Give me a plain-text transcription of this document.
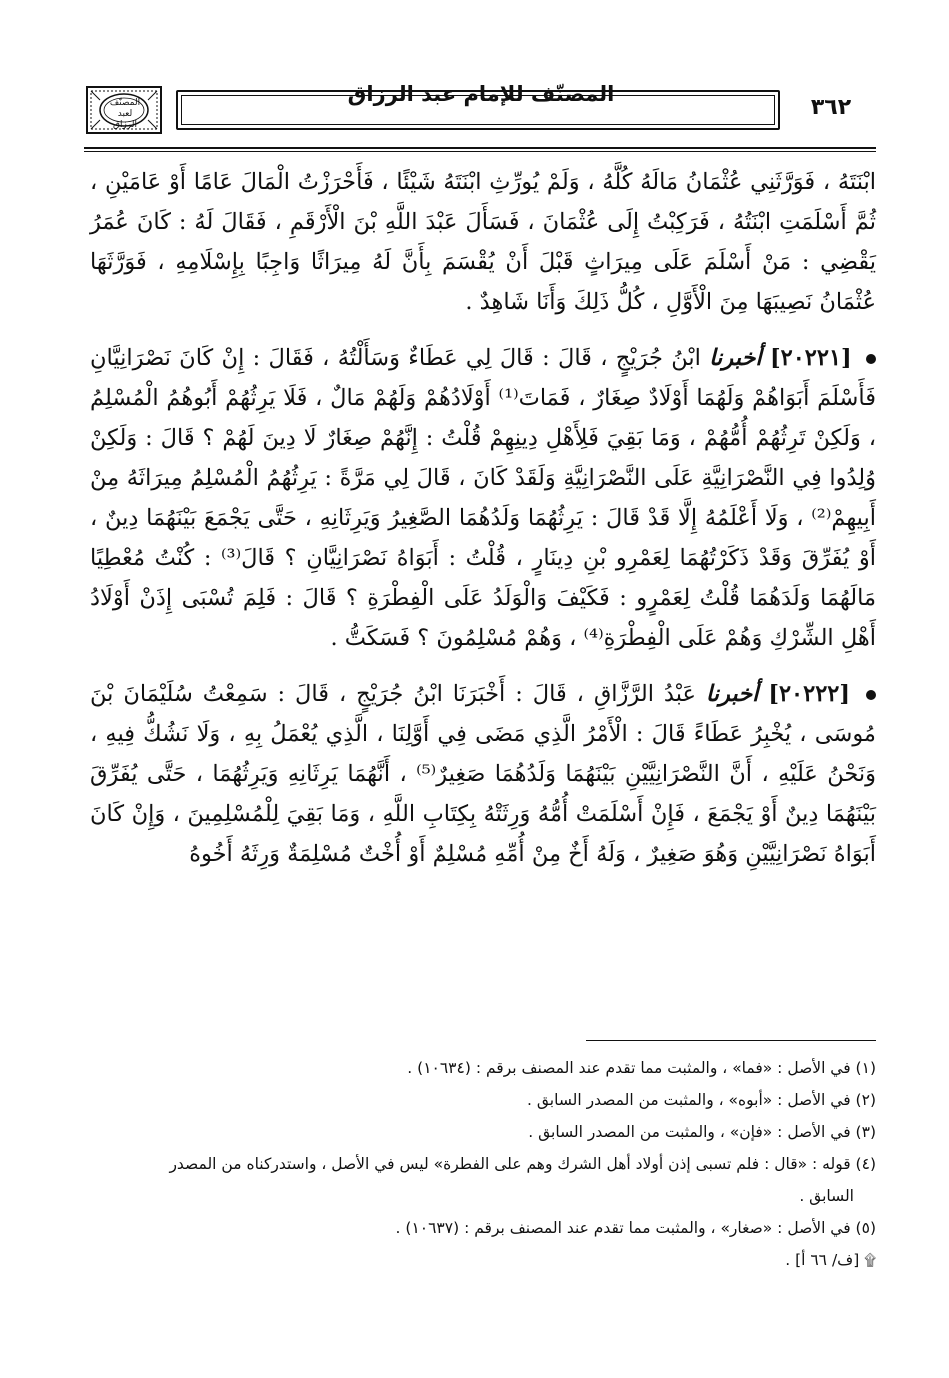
المصنّف لعبد الرزاق
المصنّف للإمام عبد الرزاق
٣٦٢

ابْنَتَهُ ، فَوَرَّثَنِي عُثْمَانُ مَالَهُ كُلَّهُ ، وَلَمْ يُورِّثِ ابْنَتَهُ شَيْئًا ، فَأَحْرَزْتُ الْمَالَ عَامًا أَوْ عَامَيْنِ ، ثُمَّ أَسْلَمَتِ ابْنَتُهُ ، فَرَكِبْتُ إِلَى عُثْمَانَ ، فَسَأَلَ عَبْدَ اللَّهِ بْنَ الْأَرْقَمِ ، فَقَالَ لَهُ : كَانَ عُمَرُ يَقْضِي : مَنْ أَسْلَمَ عَلَى مِيرَاثٍ قَبْلَ أَنْ يُقْسَمَ بِأَنَّ لَهُ مِيرَاثًا وَاجِبًا بِإِسْلَامِهِ ، فَوَرَّثَهَا عُثْمَانُ نَصِيبَهَا مِنَ الْأَوَّلِ ، كُلُّ ذَلِكَ وَأَنَا شَاهِدٌ .

[٢٠٢٢١] أخبرنا ابْنُ جُرَيْجٍ ، قَالَ : قَالَ لِي عَطَاءٌ وَسَأَلْتُهُ ، فَقَالَ : إِنْ كَانَ نَصْرَانِيَّانِ فَأَسْلَمَ أَبَوَاهُمْ وَلَهُمَا أَوْلَادٌ صِغَارٌ ، فَمَاتَ⁽¹⁾ أَوْلَادُهُمْ وَلَهُمْ مَالٌ ، فَلَا يَرِثُهُمْ أَبُوهُمُ الْمُسْلِمُ ، وَلَكِنْ تَرِثُهُمْ أُمُّهُمْ ، وَمَا بَقِيَ فَلِأَهْلِ دِينِهِمْ قُلْتُ : إِنَّهُمْ صِغَارٌ لَا دِينَ لَهُمْ ؟ قَالَ : وَلَكِنْ وُلِدُوا فِي النَّصْرَانِيَّةِ عَلَى النَّصْرَانِيَّةِ وَلَقَدْ كَانَ ، قَالَ لِي مَرَّةً : يَرِثُهُمُ الْمُسْلِمُ مِيرَاثَهُ مِنْ أَبِيهِمْ⁽²⁾ ، وَلَا أَعْلَمُهُ إِلَّا قَدْ قَالَ : يَرِثُهُمَا وَلَدُهُمَا الصَّغِيرُ وَيَرِثَانِهِ ، حَتَّى يَجْمَعَ بَيْنَهُمَا دِينٌ ، أَوْ يُفَرِّقَ وَقَدْ ذَكَرْتُهُمَا لِعَمْرِو بْنِ دِينَارٍ ، قُلْتُ : أَبَوَاهُ نَصْرَانِيَّانِ ؟ قَالَ⁽³⁾ : كُنْتُ مُعْطِيًا مَالَهُمَا وَلَدَهُمَا قُلْتُ لِعَمْرٍو : فَكَيْفَ وَالْوَلَدُ عَلَى الْفِطْرَةِ ؟ قَالَ : فَلِمَ تُسْبَى إِذَنْ أَوْلَادُ أَهْلِ الشِّرْكِ وَهُمْ عَلَى الْفِطْرَةِ⁽⁴⁾ ، وَهُمْ مُسْلِمُونَ ؟ فَسَكَتُّ .

[٢٠٢٢٢] أخبرنا عَبْدُ الرَّزَّاقِ ، قَالَ : أَخْبَرَنَا ابْنُ جُرَيْجٍ ، قَالَ : سَمِعْتُ سُلَيْمَانَ بْنَ مُوسَى ، يُخْبِرُ عَطَاءً قَالَ : الْأَمْرُ الَّذِي مَضَى فِي أَوَّلِنَا ، الَّذِي يُعْمَلُ بِهِ ، وَلَا نَشُكُّ فِيهِ ، وَنَحْنُ عَلَيْهِ ، أَنَّ النَّصْرَانِيَّيْنِ بَيْنَهُمَا وَلَدُهُمَا صَغِيرٌ⁽⁵⁾ ، أَنَّهُمَا يَرِثَانِهِ وَيَرِثُهُمَا ، حَتَّى يُفَرِّقَ بَيْنَهُمَا دِينٌ أَوْ يَجْمَعَ ، فَإِنْ أَسْلَمَتْ أُمُّهُ وَرِثَتْهُ بِكِتَابِ اللَّهِ ، وَمَا بَقِيَ لِلْمُسْلِمِينَ ، وَإِنْ كَانَ أَبَوَاهُ نَصْرَانِيَّيْنِ وَهُوَ صَغِيرٌ ، وَلَهُ أَخٌ مِنْ أُمِّهِ مُسْلِمٌ أَوْ أُخْتٌ مُسْلِمَةٌ وَرِثَهُ أَخُوهُ

(١) في الأصل : «فما» ، والمثبت مما تقدم عند المصنف برقم : (١٠٦٣٤) .

(٢) في الأصل : «أبوه» ، والمثبت من المصدر السابق .

(٣) في الأصل : «فإن» ، والمثبت من المصدر السابق .

(٤) قوله : «قال : فلم تسبى إذن أولاد أهل الشرك وهم على الفطرة» ليس في الأصل ، واستدركناه من المصدر

السابق .

(٥) في الأصل : «صغار» ، والمثبت مما تقدم عند المصنف برقم : (١٠٦٣٧) .

۩ [ف/ ٦٦ أ] .
